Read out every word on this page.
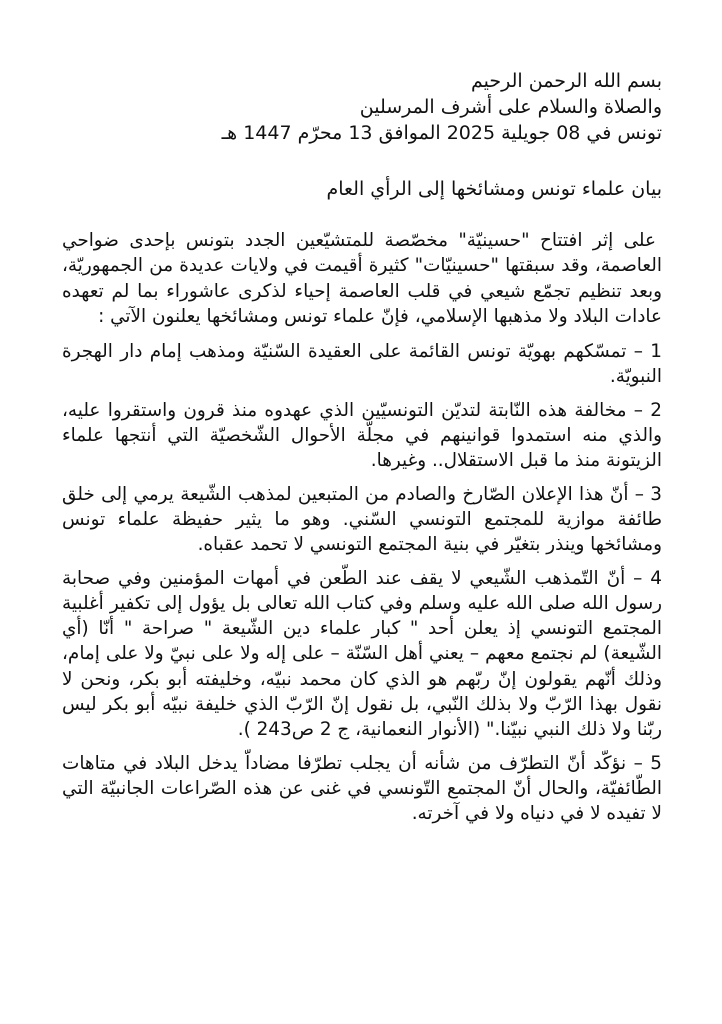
بسم الله الرحمن الرحيم
والصلاة والسلام على أشرف المرسلين
تونس في 08 جويلية 2025 الموافق 13 محرّم 1447 هـ
بيان علماء تونس ومشائخها إلى الرأي العام

على إثر افتتاح "حسينيّة" مخصّصة للمتشيّعين الجدد بتونس بإحدى ضواحي العاصمة، وقد سبقتها "حسينيّات" كثيرة أقيمت في ولايات عديدة من الجمهوريّة، وبعد تنظيم تجمّع شيعي في قلب العاصمة إحياء لذكرى عاشوراء بما لم تعهده عادات البلاد ولا مذهبها الإسلامي، فإنّ علماء تونس ومشائخها يعلنون الآتي :

1 – تمسّكهم بهويّة تونس القائمة على العقيدة السّنيّة ومذهب إمام دار الهجرة النبويّة.

2 – مخالفة هذه النّابتة لتديّن التونسيّين الذي عهدوه منذ قرون واستقروا عليه، والذي منه استمدوا قوانينهم في مجلّة الأحوال الشّخصيّة التي أنتجها علماء الزيتونة منذ ما قبل الاستقلال.. وغيرها.

3 – أنّ هذا الإعلان الصّارخ والصادم من المتبعين لمذهب الشّيعة يرمي إلى خلق طائفة موازية للمجتمع التونسي السّني. وهو ما يثير حفيظة علماء تونس ومشائخها وينذر بتغيّر في بنية المجتمع التونسي لا تحمد عقباه.

4 – أنّ التّمذهب الشّيعي لا يقف عند الطّعن في أمهات المؤمنين وفي صحابة رسول الله صلى الله عليه وسلم وفي كتاب الله تعالى بل يؤول إلى تكفير أغلبية المجتمع التونسي إذ يعلن أحد " كبار علماء دين الشّيعة " صراحة " أنّا (أي الشّيعة) لم نجتمع معهم – يعني أهل السّنّة – على إله ولا على نبيّ ولا على إمام، وذلك أنّهم يقولون إنّ ربّهم هو الذي كان محمد نبيّه، وخليفته أبو بكر، ونحن لا نقول بهذا الرّبّ ولا بذلك النّبي، بل نقول إنّ الرّبّ الذي خليفة نبيّه أبو بكر ليس ربّنا ولا ذلك النبي نبيّنا." (الأنوار النعمانية، ج 2 ص243 ).

5 – نؤكّد أنّ التطرّف من شأنه أن يجلب تطرّفا مضاداّ يدخل البلاد في متاهات الطّائفيّة، والحال أنّ المجتمع التّونسي في غنى عن هذه الصّراعات الجانبيّة التي لا تفيده لا في دنياه ولا في آخرته.
